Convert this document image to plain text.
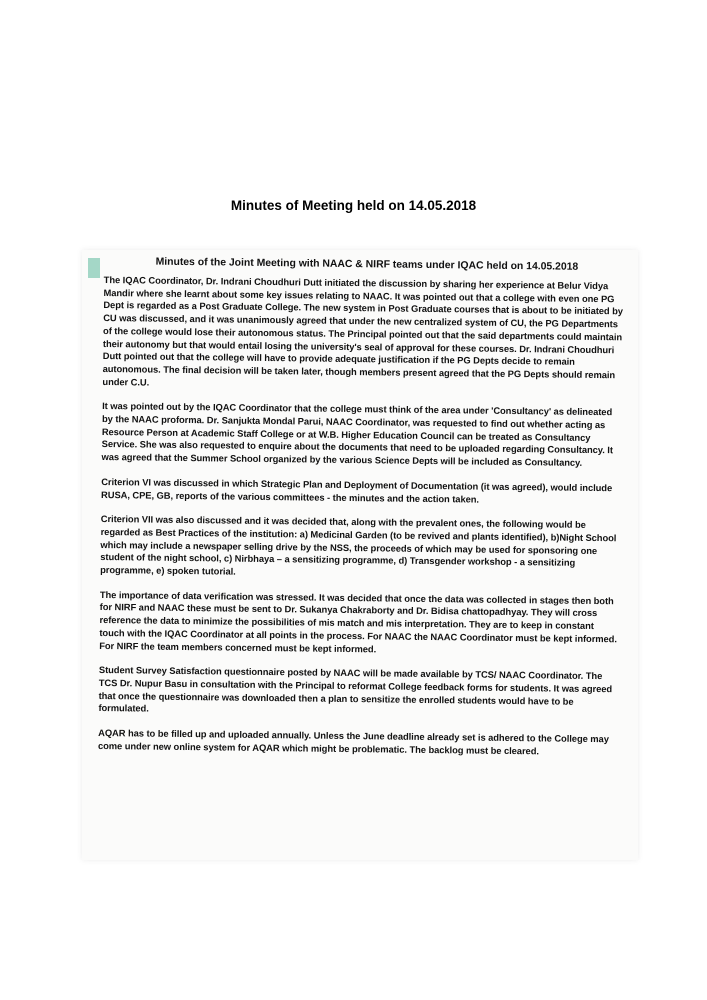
Minutes of Meeting held on 14.05.2018
Minutes of the Joint Meeting with NAAC & NIRF teams under IQAC held on 14.05.2018

The IQAC Coordinator, Dr. Indrani Choudhuri Dutt initiated the discussion by sharing her experience at Belur Vidya Mandir where she learnt about some key issues relating to NAAC. It was pointed out that a college with even one PG Dept is regarded as a Post Graduate College. The new system in Post Graduate courses that is about to be initiated by CU was discussed, and it was unanimously agreed that under the new centralized system of CU, the PG Departments of the college would lose their autonomous status. The Principal pointed out that the said departments could maintain their autonomy but that would entail losing the university's seal of approval for these courses. Dr. Indrani Choudhuri Dutt pointed out that the college will have to provide adequate justification if the PG Depts decide to remain autonomous. The final decision will be taken later, though members present agreed that the PG Depts should remain under C.U.

It was pointed out by the IQAC Coordinator that the college must think of the area under 'Consultancy' as delineated by the NAAC proforma. Dr. Sanjukta Mondal Parui, NAAC Coordinator, was requested to find out whether acting as Resource Person at Academic Staff College or at W.B. Higher Education Council can be treated as Consultancy Service. She was also requested to enquire about the documents that need to be uploaded regarding Consultancy. It was agreed that the Summer School organized by the various Science Depts will be included as Consultancy.

Criterion VI was discussed in which Strategic Plan and Deployment of Documentation (it was agreed), would include RUSA, CPE, GB, reports of the various committees - the minutes and the action taken.

Criterion VII was also discussed and it was decided that, along with the prevalent ones, the following would be regarded as Best Practices of the institution: a) Medicinal Garden (to be revived and plants identified), b)Night School which may include a newspaper selling drive by the NSS, the proceeds of which may be used for sponsoring one student of the night school, c) Nirbhaya – a sensitizing programme, d) Transgender workshop - a sensitizing programme, e) spoken tutorial.

The importance of data verification was stressed. It was decided that once the data was collected in stages then both for NIRF and NAAC these must be sent to Dr. Sukanya Chakraborty and Dr. Bidisa chattopadhyay. They will cross reference the data to minimize the possibilities of mis match and mis interpretation. They are to keep in constant touch with the IQAC Coordinator at all points in the process. For NAAC the NAAC Coordinator must be kept informed. For NIRF the team members concerned must be kept informed.

Student Survey Satisfaction questionnaire posted by NAAC will be made available by TCS/ NAAC Coordinator. The TCS Dr. Nupur Basu in consultation with the Principal to reformat College feedback forms for students. It was agreed that once the questionnaire was downloaded then a plan to sensitize the enrolled students would have to be formulated.

AQAR has to be filled up and uploaded annually. Unless the June deadline already set is adhered to the College may come under new online system for AQAR which might be problematic. The backlog must be cleared.
